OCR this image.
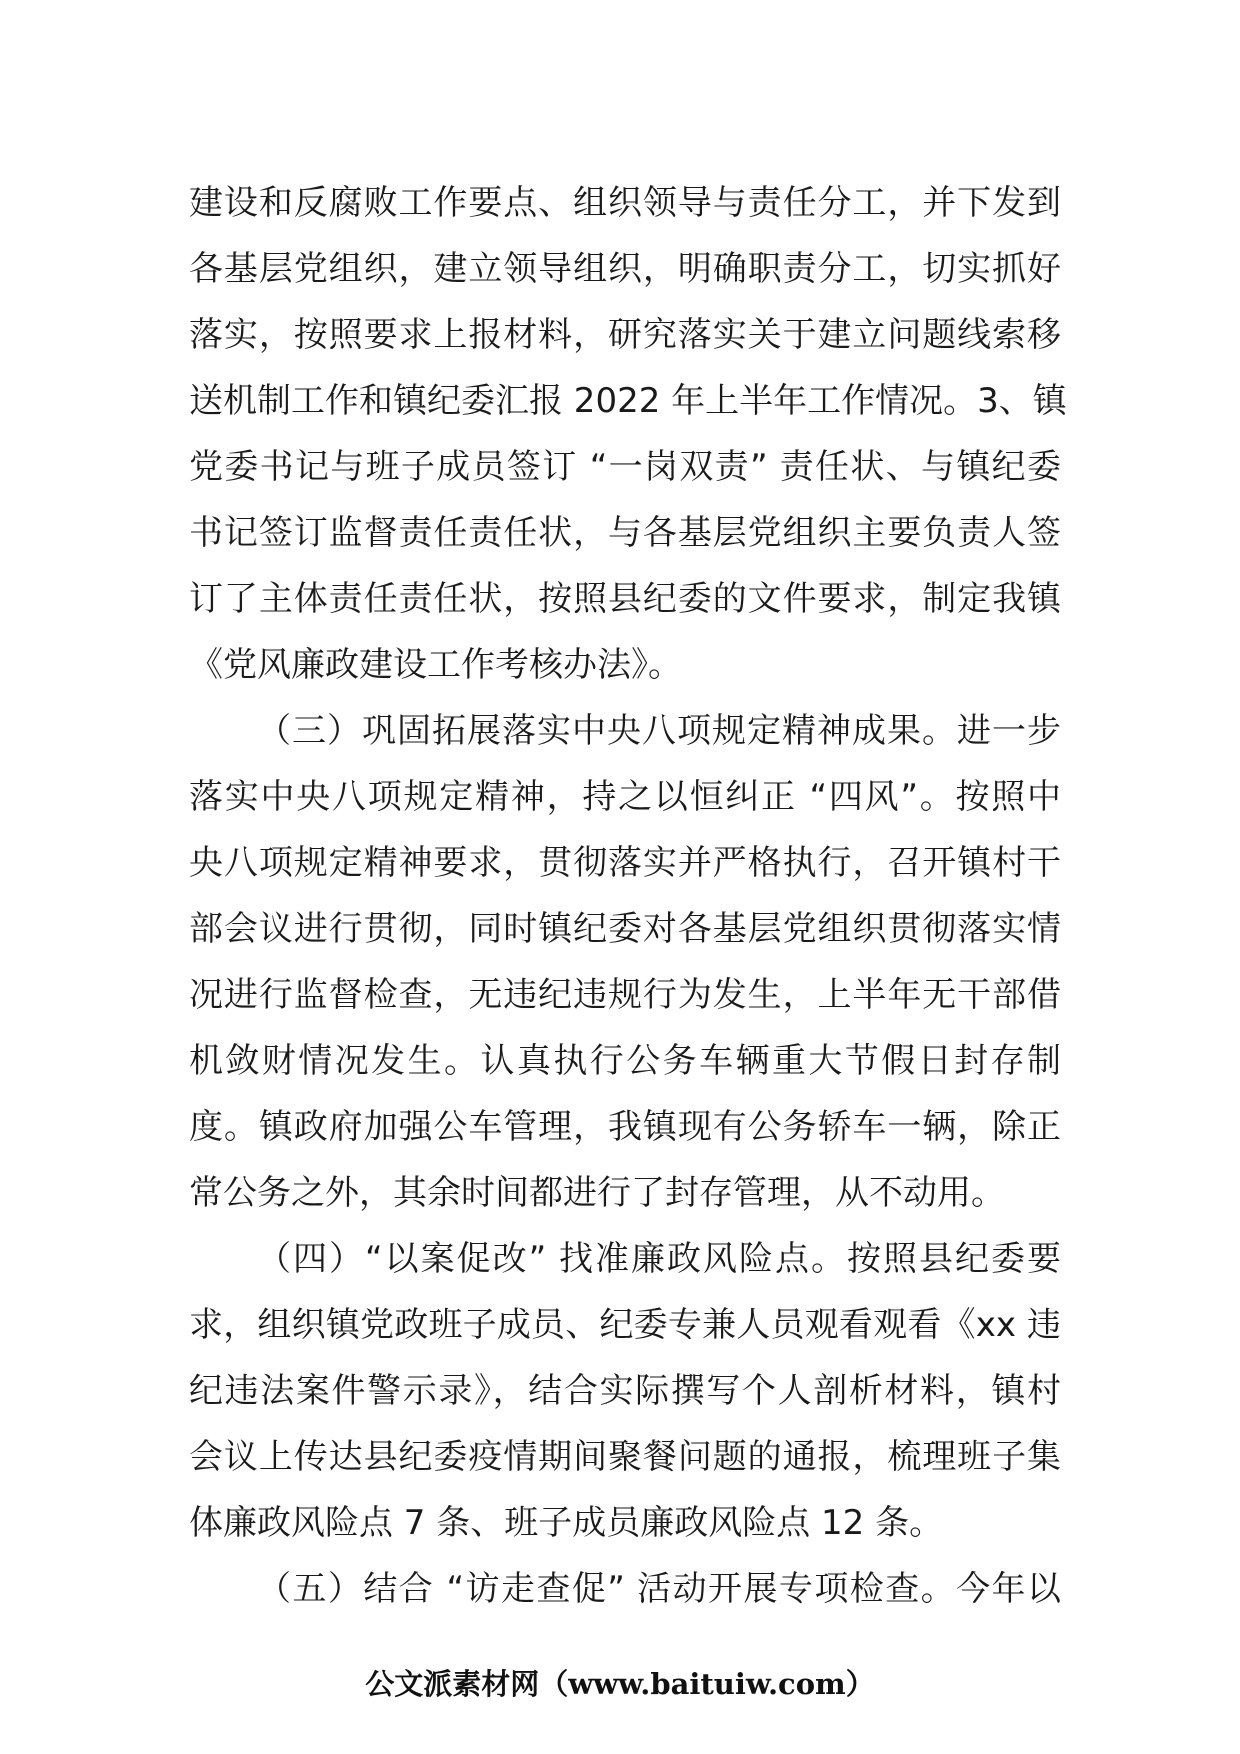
建设和反腐败工作要点、组织领导与责任分工，并下发到
各基层党组织，建立领导组织，明确职责分工，切实抓好
落实，按照要求上报材料，研究落实关于建立问题线索移
送机制工作和镇纪委汇报 2022 年上半年工作情况。3、镇
党委书记与班子成员签订 “一岗双责” 责任状、与镇纪委
书记签订监督责任责任状，与各基层党组织主要负责人签
订了主体责任责任状，按照县纪委的文件要求，制定我镇
《党风廉政建设工作考核办法》。
（三）巩固拓展落实中央八项规定精神成果。进一步
落实中央八项规定精神，持之以恒纠正 “四风”。按照中
央八项规定精神要求，贯彻落实并严格执行，召开镇村干
部会议进行贯彻，同时镇纪委对各基层党组织贯彻落实情
况进行监督检查，无违纪违规行为发生，上半年无干部借
机敛财情况发生。认真执行公务车辆重大节假日封存制
度。镇政府加强公车管理，我镇现有公务轿车一辆，除正
常公务之外，其余时间都进行了封存管理，从不动用。
（四）“以案促改” 找准廉政风险点。按照县纪委要
求，组织镇党政班子成员、纪委专兼人员观看观看《xx 违
纪违法案件警示录》，结合实际撰写个人剖析材料，镇村
会议上传达县纪委疫情期间聚餐问题的通报，梳理班子集
体廉政风险点 7 条、班子成员廉政风险点 12 条。
（五）结合 “访走查促” 活动开展专项检查。今年以
公文派素材网（www.baituiw.com）
